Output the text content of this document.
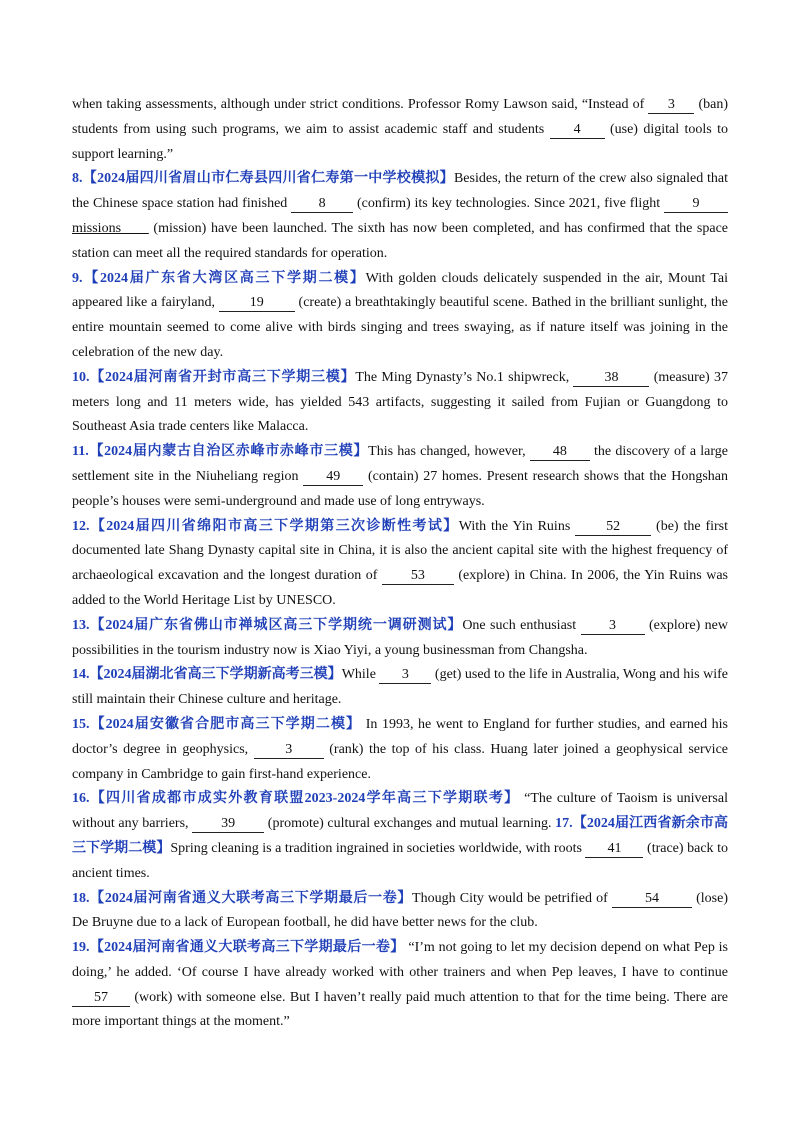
when taking assessments, although under strict conditions. Professor Romy Lawson said, “Instead of 3 (ban) students from using such programs, we aim to assist academic staff and students 4 (use) digital tools to support learning.”

8.【2024届四川省眉山市仁寿县四川省仁寿第一中学校模拟】Besides, the return of the crew also signaled that the Chinese space station had finished 8 (confirm) its key technologies. Since 2021, five flight 9 missions       (mission) have been launched. The sixth has now been completed, and has confirmed that the space station can meet all the required standards for operation.

9.【2024届广东省大湾区高三下学期二模】With golden clouds delicately suspended in the air, Mount Tai appeared like a fairyland, 19 (create) a breathtakingly beautiful scene. Bathed in the brilliant sunlight, the entire mountain seemed to come alive with birds singing and trees swaying, as if nature itself was joining in the celebration of the new day.

10.【2024届河南省开封市高三下学期三模】The Ming Dynasty’s No.1 shipwreck, 38 (measure) 37 meters long and 11 meters wide, has yielded 543 artifacts, suggesting it sailed from Fujian or Guangdong to Southeast Asia trade centers like Malacca.

11.【2024届内蒙古自治区赤峰市赤峰市三模】This has changed, however, 48 the discovery of a large settlement site in the Niuheliang region 49 (contain) 27 homes. Present research shows that the Hongshan people’s houses were semi-underground and made use of long entryways.

12.【2024届四川省绵阳市高三下学期第三次诊断性考试】With the Yin Ruins 52 (be) the first documented late Shang Dynasty capital site in China, it is also the ancient capital site with the highest frequency of archaeological excavation and the longest duration of 53 (explore) in China. In 2006, the Yin Ruins was added to the World Heritage List by UNESCO.

13.【2024届广东省佛山市禅城区高三下学期统一调研测试】One such enthusiast 3 (explore) new possibilities in the tourism industry now is Xiao Yiyi, a young businessman from Changsha.

14.【2024届湖北省高三下学期新高考三模】While 3 (get) used to the life in Australia, Wong and his wife still maintain their Chinese culture and heritage.

15.【2024届安徽省合肥市高三下学期二模】 In 1993, he went to England for further studies, and earned his doctor’s degree in geophysics, 3 (rank) the top of his class. Huang later joined a geophysical service company in Cambridge to gain first-hand experience.

16.【四川省成都市成实外教育联盟2023-2024学年高三下学期联考】 “The culture of Taoism is universal without any barriers, 39 (promote) cultural exchanges and mutual learning. 17.【2024届江西省新余市高三下学期二模】Spring cleaning is a tradition ingrained in societies worldwide, with roots 41 (trace) back to ancient times.

18.【2024届河南省通义大联考高三下学期最后一卷】Though City would be petrified of 54 (lose) De Bruyne due to a lack of European football, he did have better news for the club.

19.【2024届河南省通义大联考高三下学期最后一卷】 “I’m not going to let my decision depend on what Pep is doing,’ he added. ‘Of course I have already worked with other trainers and when Pep leaves, I have to continue 57 (work) with someone else. But I haven’t really paid much attention to that for the time being. There are more important things at the moment.”
